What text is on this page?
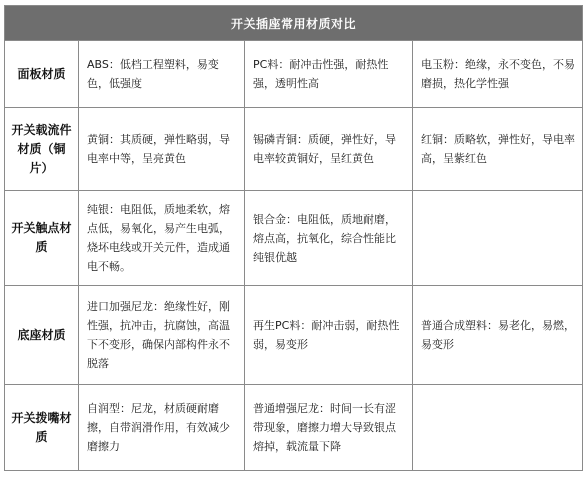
开关插座常用材质对比			
面板材质	ABS：低档工程塑料，易变色，低强度	PC料：耐冲击性强，耐热性强，透明性高	电玉粉：绝缘，永不变色，不易磨损，热化学性强
开关载流件材质（铜片）	黄铜：其质硬，弹性略弱，导电率中等，呈亮黄色	锡磷青铜：质硬，弹性好，导电率较黄铜好，呈红黄色	红铜：质略软，弹性好，导电率高，呈紫红色
开关触点材质	纯银：电阻低，质地柔软，熔点低，易氧化，易产生电弧，烧坏电线或开关元件，造成通电不畅。	银合金：电阻低，质地耐磨，熔点高，抗氧化，综合性能比纯银优越	
底座材质	进口加强尼龙：绝缘性好，刚性强，抗冲击，抗腐蚀，高温下不变形，确保内部构件永不脱落	再生PC料：耐冲击弱，耐热性弱，易变形	普通合成塑料：易老化，易燃，易变形
开关拨嘴材质	自润型：尼龙，材质硬耐磨擦，自带润滑作用，有效减少磨擦力	普通增强尼龙：时间一长有涩带现象，磨擦力增大导致银点熔掉，载流量下降	
